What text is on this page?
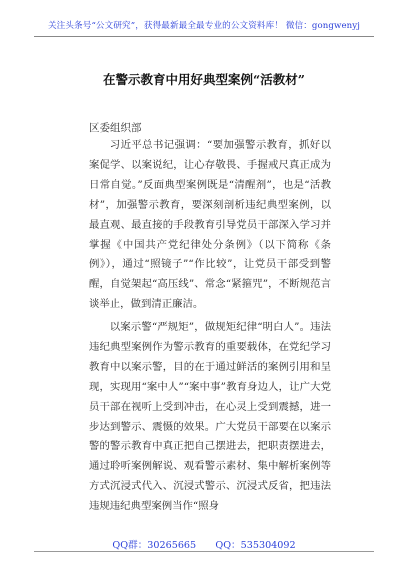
关注头条号“公文研究”，获得最新最全最专业的公文资料库！ 微信：gongwenyj
在警示教育中用好典型案例“活教材”
区委组织部

习近平总书记强调：“要加强警示教育，抓好以案促学、以案说纪，让心存敬畏、手握戒尺真正成为日常自觉。”反面典型案例既是“清醒剂”，也是“活教材”，加强警示教育，要深刻剖析违纪典型案例，以最直观、最直接的手段教育引导党员干部深入学习并掌握《中国共产党纪律处分条例》（以下简称《条例》），通过“照镜子”“作比较”，让党员干部受到警醒，自觉架起“高压线”、常念“紧箍咒”，不断规范言谈举止，做到清正廉洁。

以案示警“严规矩”，做规矩纪律“明白人”。违法违纪典型案例作为警示教育的重要载体，在党纪学习教育中以案示警，目的在于通过鲜活的案例引用和呈现，实现用“案中人”“案中事”教育身边人，让广大党员干部在视听上受到冲击，在心灵上受到震撼，进一步达到警示、震慑的效果。广大党员干部要在以案示警的警示教育中真正把自己摆进去，把职责摆进去，通过聆听案例解说、观看警示素材、集中解析案例等方式沉浸式代入、沉浸式警示、沉浸式反省，把违法违规违纪典型案例当作“照身

QQ群：30265665　　QQ：535304092
